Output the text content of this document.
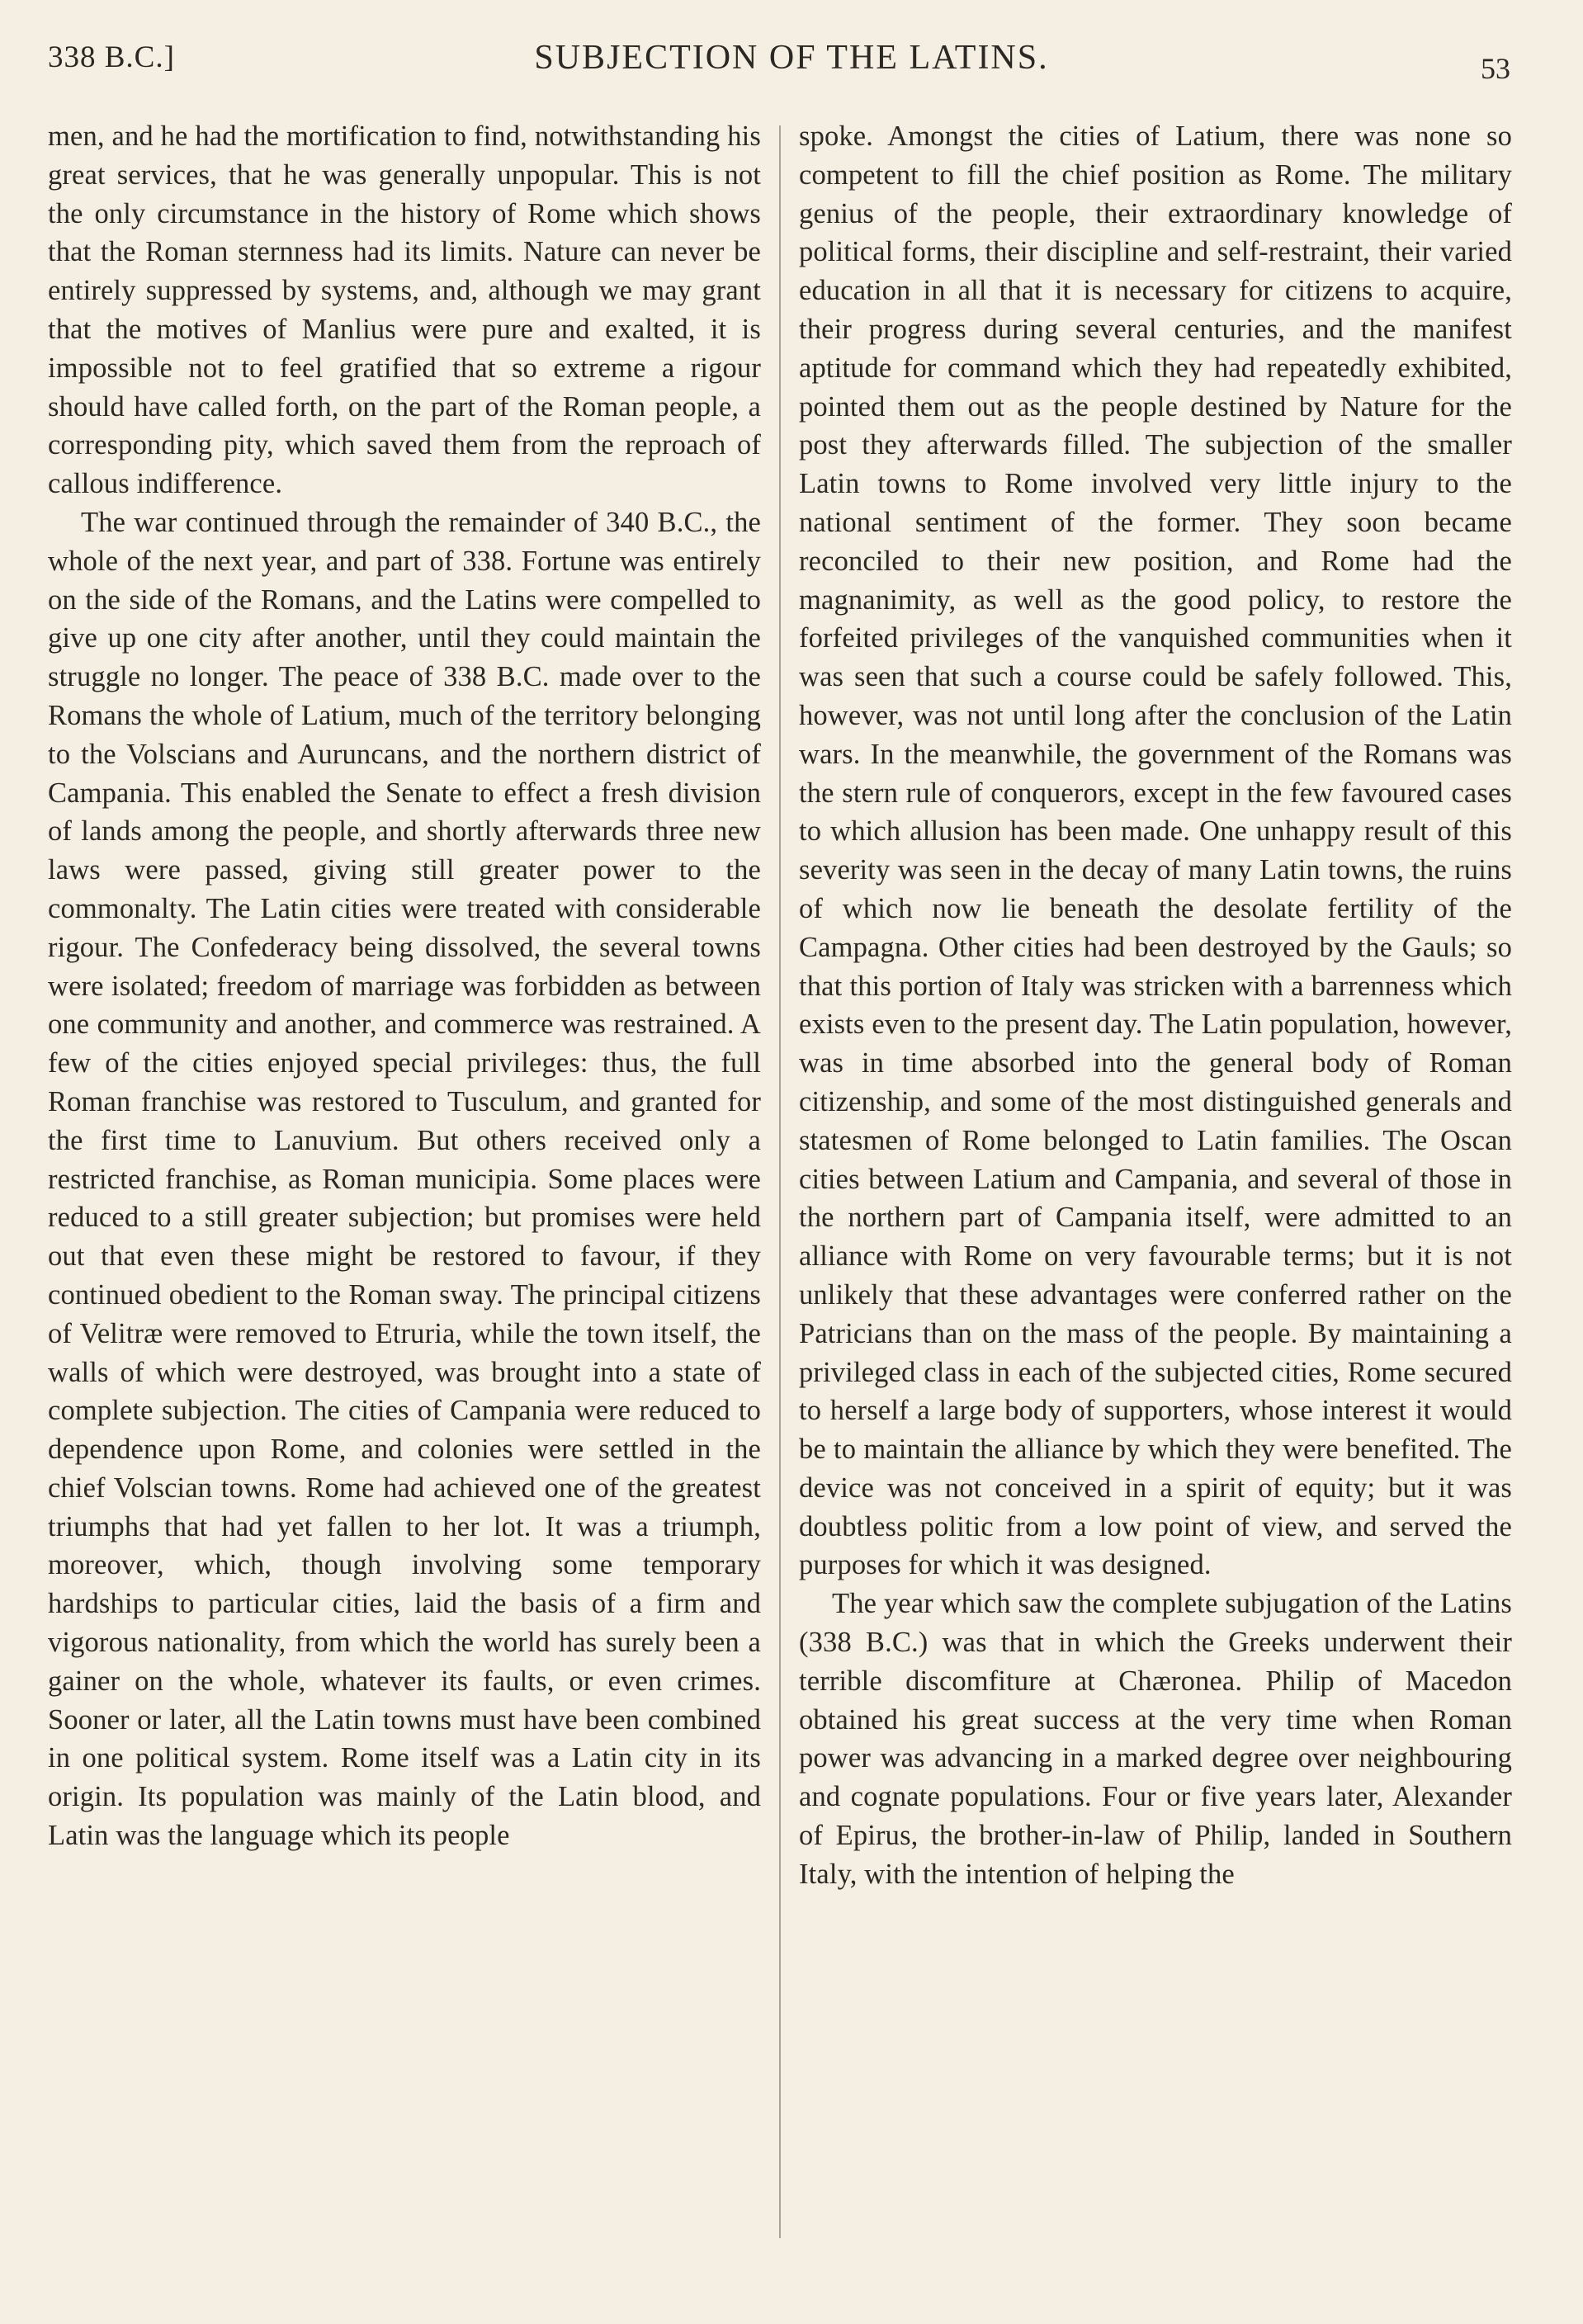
338 B.C.]	SUBJECTION OF THE LATINS.	53

men, and he had the mortification to find, notwithstanding his great services, that he was generally unpopular. This is not the only circumstance in the history of Rome which shows that the Roman sternness had its limits. Nature can never be entirely suppressed by systems, and, although we may grant that the motives of Manlius were pure and exalted, it is impossible not to feel gratified that so extreme a rigour should have called forth, on the part of the Roman people, a corresponding pity, which saved them from the reproach of callous indifference.

The war continued through the remainder of 340 B.C., the whole of the next year, and part of 338. Fortune was entirely on the side of the Romans, and the Latins were compelled to give up one city after another, until they could maintain the struggle no longer. The peace of 338 B.C. made over to the Romans the whole of Latium, much of the territory belonging to the Volscians and Auruncans, and the northern district of Campania. This enabled the Senate to effect a fresh division of lands among the people, and shortly afterwards three new laws were passed, giving still greater power to the commonalty. The Latin cities were treated with considerable rigour. The Confederacy being dissolved, the several towns were isolated; freedom of marriage was forbidden as between one community and another, and commerce was restrained. A few of the cities enjoyed special privileges: thus, the full Roman franchise was restored to Tusculum, and granted for the first time to Lanuvium. But others received only a restricted franchise, as Roman municipia. Some places were reduced to a still greater subjection; but promises were held out that even these might be restored to favour, if they continued obedient to the Roman sway. The principal citizens of Velitræ were removed to Etruria, while the town itself, the walls of which were destroyed, was brought into a state of complete subjection. The cities of Campania were reduced to dependence upon Rome, and colonies were settled in the chief Volscian towns. Rome had achieved one of the greatest triumphs that had yet fallen to her lot. It was a triumph, moreover, which, though involving some temporary hardships to particular cities, laid the basis of a firm and vigorous nationality, from which the world has surely been a gainer on the whole, whatever its faults, or even crimes. Sooner or later, all the Latin towns must have been combined in one political system. Rome itself was a Latin city in its origin. Its population was mainly of the Latin blood, and Latin was the language which its people

spoke. Amongst the cities of Latium, there was none so competent to fill the chief position as Rome. The military genius of the people, their extraordinary knowledge of political forms, their discipline and self-restraint, their varied education in all that it is necessary for citizens to acquire, their progress during several centuries, and the manifest aptitude for command which they had repeatedly exhibited, pointed them out as the people destined by Nature for the post they afterwards filled. The subjection of the smaller Latin towns to Rome involved very little injury to the national sentiment of the former. They soon became reconciled to their new position, and Rome had the magnanimity, as well as the good policy, to restore the forfeited privileges of the vanquished communities when it was seen that such a course could be safely followed. This, however, was not until long after the conclusion of the Latin wars. In the meanwhile, the government of the Romans was the stern rule of conquerors, except in the few favoured cases to which allusion has been made. One unhappy result of this severity was seen in the decay of many Latin towns, the ruins of which now lie beneath the desolate fertility of the Campagna. Other cities had been destroyed by the Gauls; so that this portion of Italy was stricken with a barrenness which exists even to the present day. The Latin population, however, was in time absorbed into the general body of Roman citizenship, and some of the most distinguished generals and statesmen of Rome belonged to Latin families. The Oscan cities between Latium and Campania, and several of those in the northern part of Campania itself, were admitted to an alliance with Rome on very favourable terms; but it is not unlikely that these advantages were conferred rather on the Patricians than on the mass of the people. By maintaining a privileged class in each of the subjected cities, Rome secured to herself a large body of supporters, whose interest it would be to maintain the alliance by which they were benefited. The device was not conceived in a spirit of equity; but it was doubtless politic from a low point of view, and served the purposes for which it was designed.

The year which saw the complete subjugation of the Latins (338 B.C.) was that in which the Greeks underwent their terrible discomfiture at Chæronea. Philip of Macedon obtained his great success at the very time when Roman power was advancing in a marked degree over neighbouring and cognate populations. Four or five years later, Alexander of Epirus, the brother-in-law of Philip, landed in Southern Italy, with the intention of helping the
